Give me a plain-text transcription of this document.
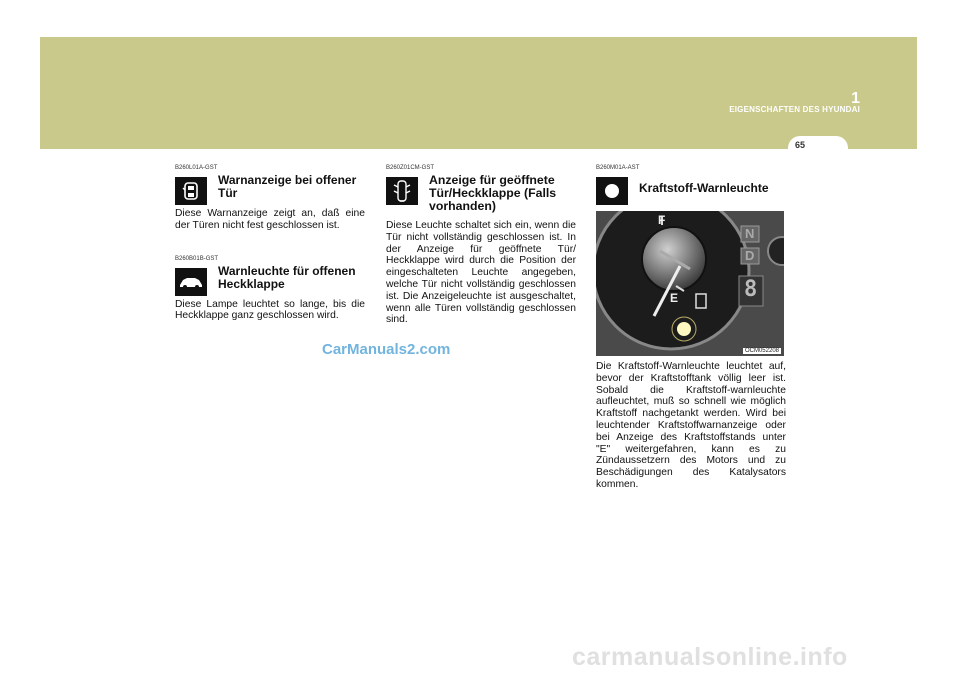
1
EIGENSCHAFTEN DES HYUNDAI
65
B260L01A-GST
Warnanzeige bei offener Tür
Diese Warnanzeige zeigt an, daß eine der Türen nicht fest geschlossen ist.
B260B01B-GST
Warnleuchte für offenen Heckklappe
Diese Lampe leuchtet so lange, bis die Heckklappe ganz geschlossen wird.
B260Z01CM-GST
Anzeige für geöffnete Tür/Heckklappe (Falls vorhanden)
Diese Leuchte schaltet sich ein, wenn die Tür nicht vollständig geschlossen ist. In der Anzeige für geöffnete Tür/ Heckklappe wird durch die Position der eingeschalteten Leuchte angegeben, welche Tür nicht vollständig geschlossen ist. Die Anzeigeleuchte ist ausgeschaltet, wenn alle Türen vollständig geschlossen sind.
B260M01A-AST
Kraftstoff-Warnleuchte
F
E
N
D
8
OCM052208
Die Kraftstoff-Warnleuchte leuchtet auf, bevor der Kraftstofftank völlig leer ist. Sobald die Kraftstoff-warnleuchte aufleuchtet, muß so schnell wie möglich Kraftstoff nachgetankt werden. Wird bei leuchtender Kraftstoffwarnanzeige oder bei Anzeige des Kraftstoffstands unter "E" weitergefahren, kann es zu Zündaussetzern des Motors und zu Beschädigungen des Katalysators kommen.
CarManuals2.com
carmanualsonline.info
